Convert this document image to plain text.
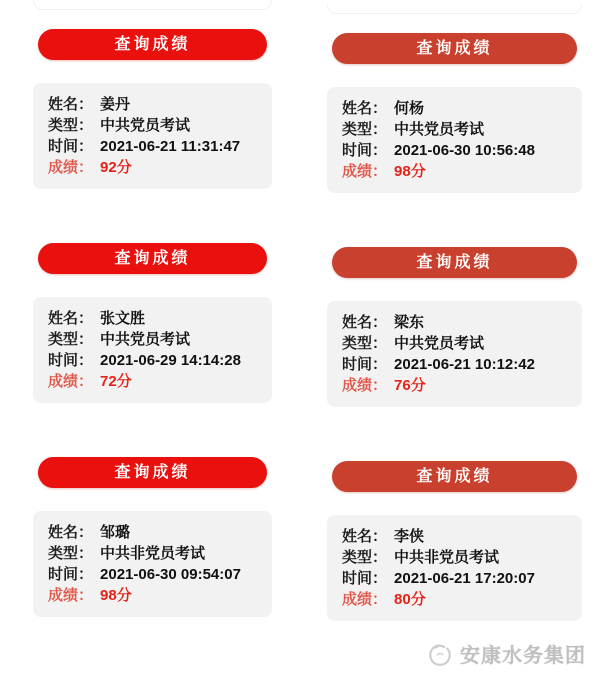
查询成绩
姓名： 姜丹
类型： 中共党员考试
时间： 2021-06-21 11:31:47
成绩： 92分
查询成绩
姓名： 张文胜
类型： 中共党员考试
时间： 2021-06-29 14:14:28
成绩： 72分
查询成绩
姓名： 邹璐
类型： 中共非党员考试
时间： 2021-06-30 09:54:07
成绩： 98分
查询成绩
姓名： 何杨
类型： 中共党员考试
时间： 2021-06-30 10:56:48
成绩： 98分
查询成绩
姓名： 梁东
类型： 中共党员考试
时间： 2021-06-21 10:12:42
成绩： 76分
查询成绩
姓名： 李侠
类型： 中共非党员考试
时间： 2021-06-21 17:20:07
成绩： 80分
安康水务集团
